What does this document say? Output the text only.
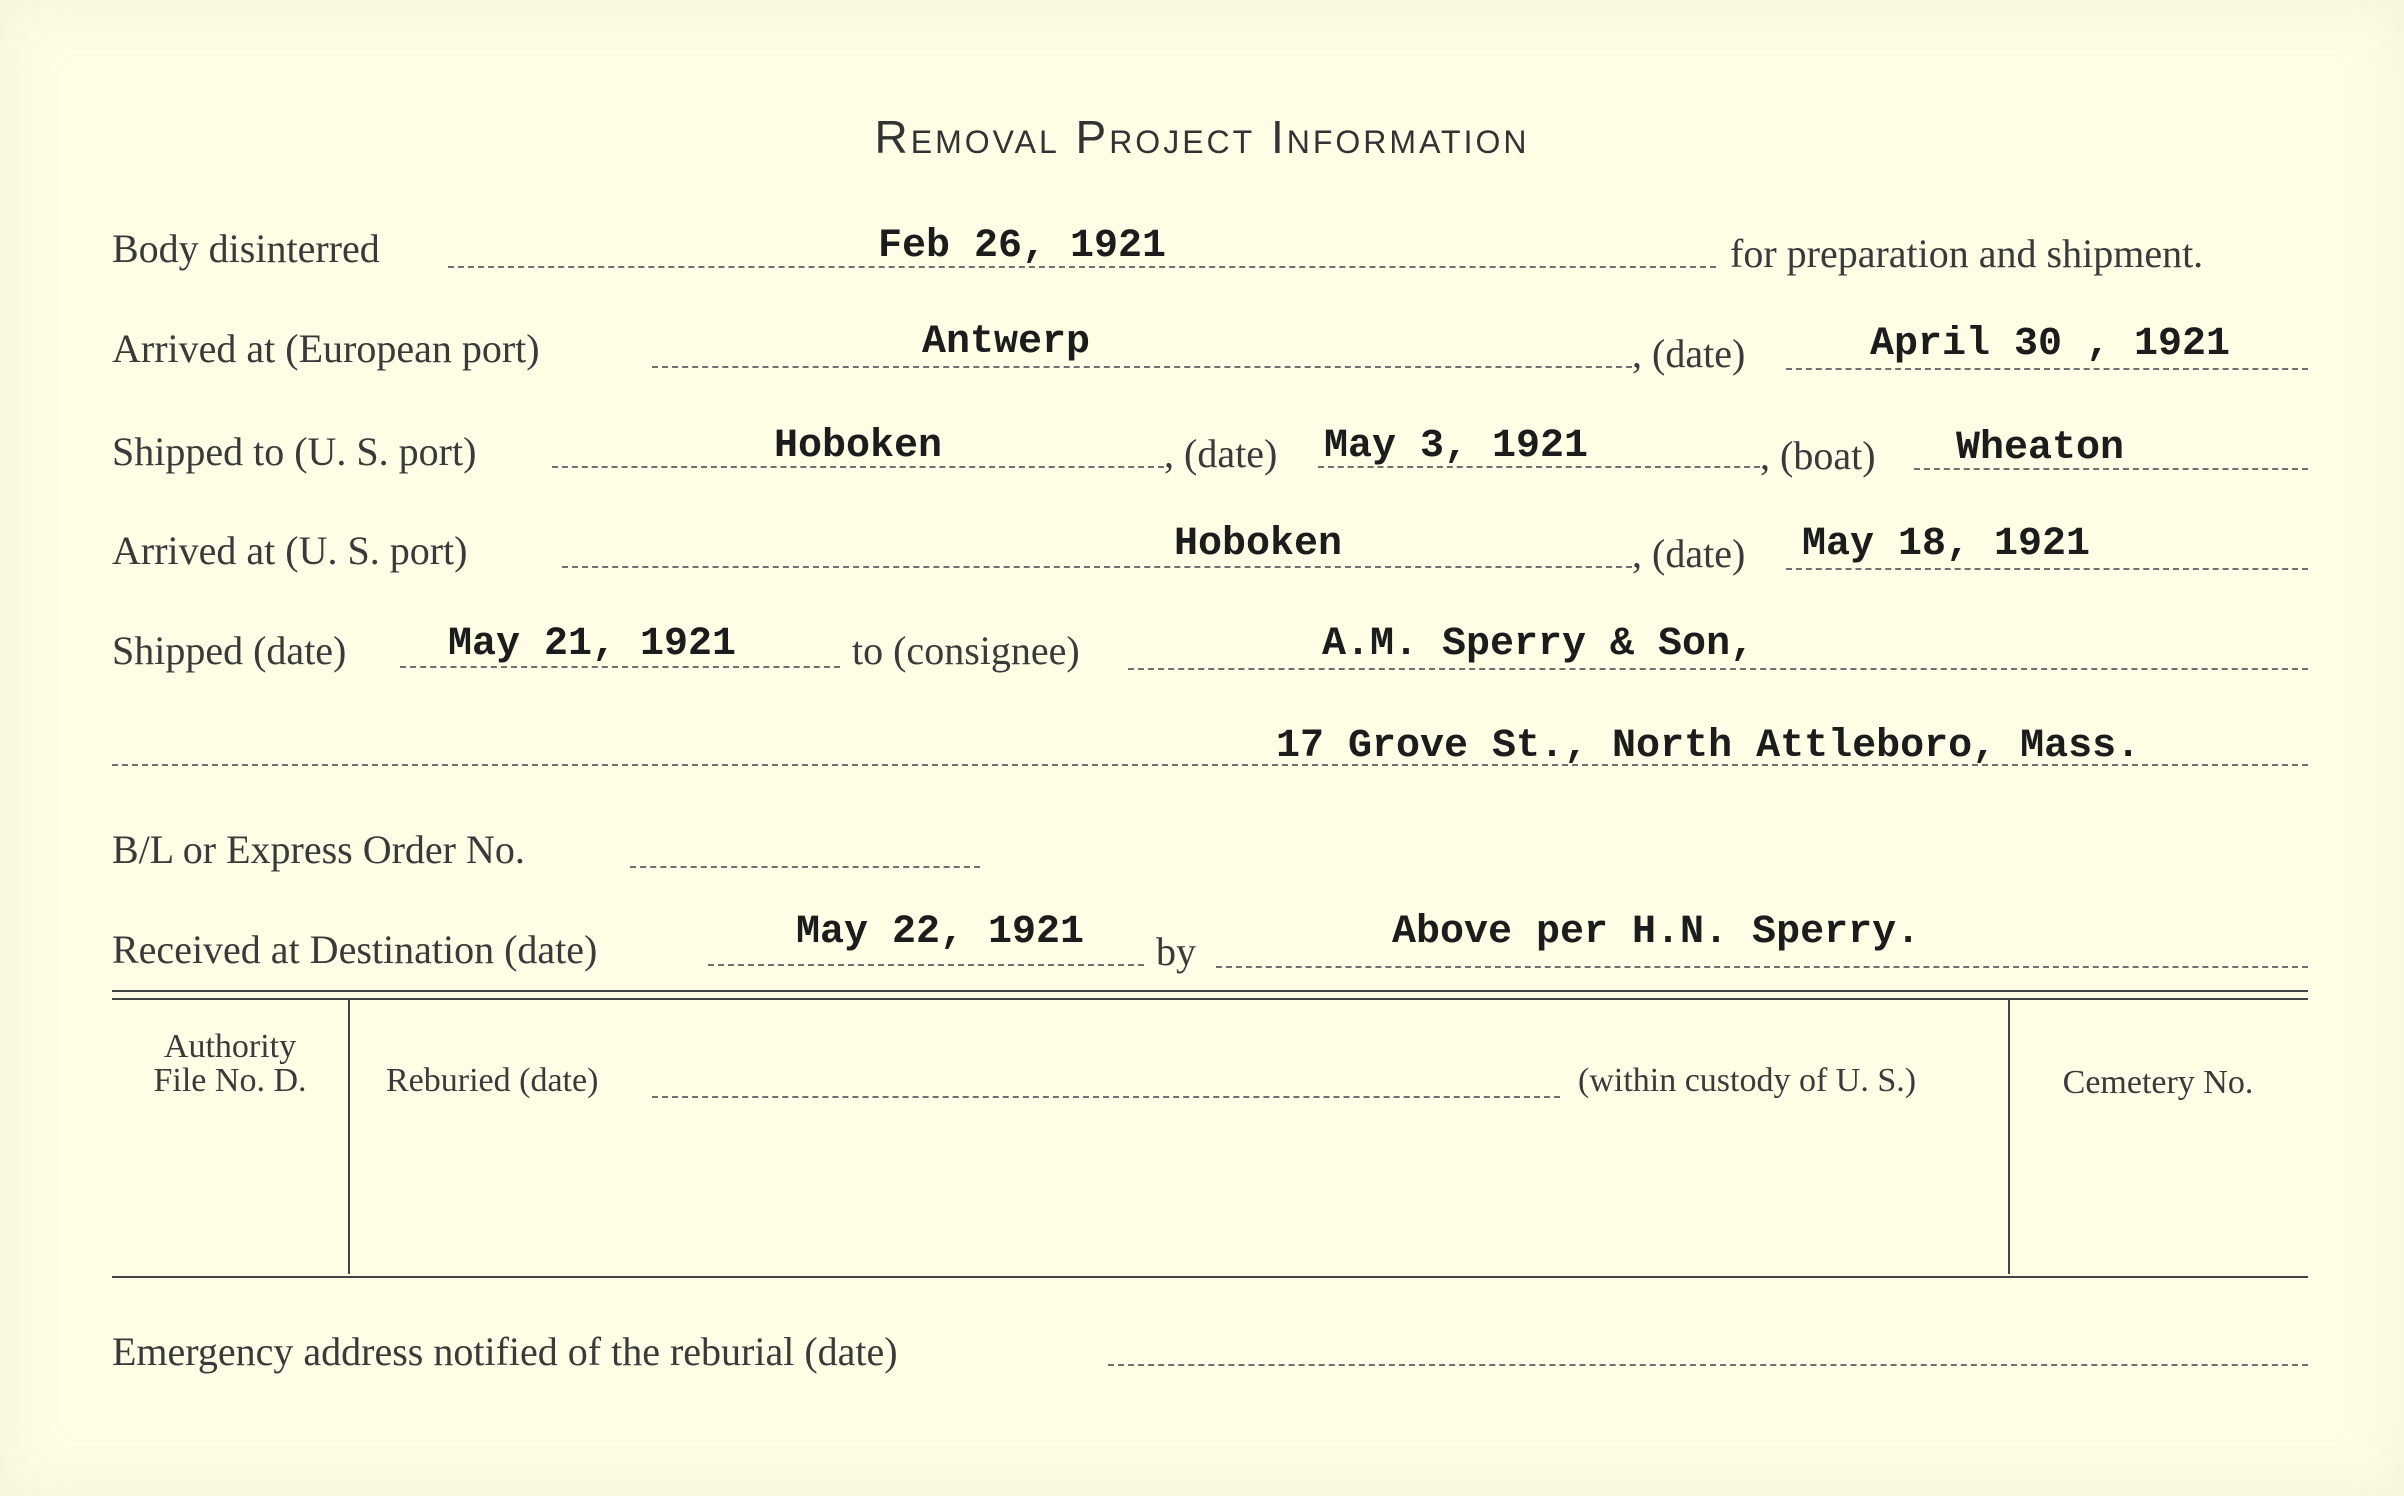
Removal Project Information
Body disinterred	Feb 26, 1921	for preparation and shipment.
Arrived at (European port)	Antwerp	, (date)	April 30 , 1921
Shipped to (U. S. port)	Hoboken	, (date) May 3, 1921	, (boat) Wheaton
Arrived at (U. S. port)	Hoboken	, (date) May 18, 1921
Shipped (date)	May 21, 1921	to (consignee)	A.M. Sperry & Son,
17 Grove St., North Attleboro, Mass.
B/L or Express Order No.
Received at Destination (date)	May 22, 1921 by	Above per H.N. Sperry.
Authority
File No. D.	Reburied (date)	(within custody of U. S.)	Cemetery No.
Emergency address notified of the reburial (date)
